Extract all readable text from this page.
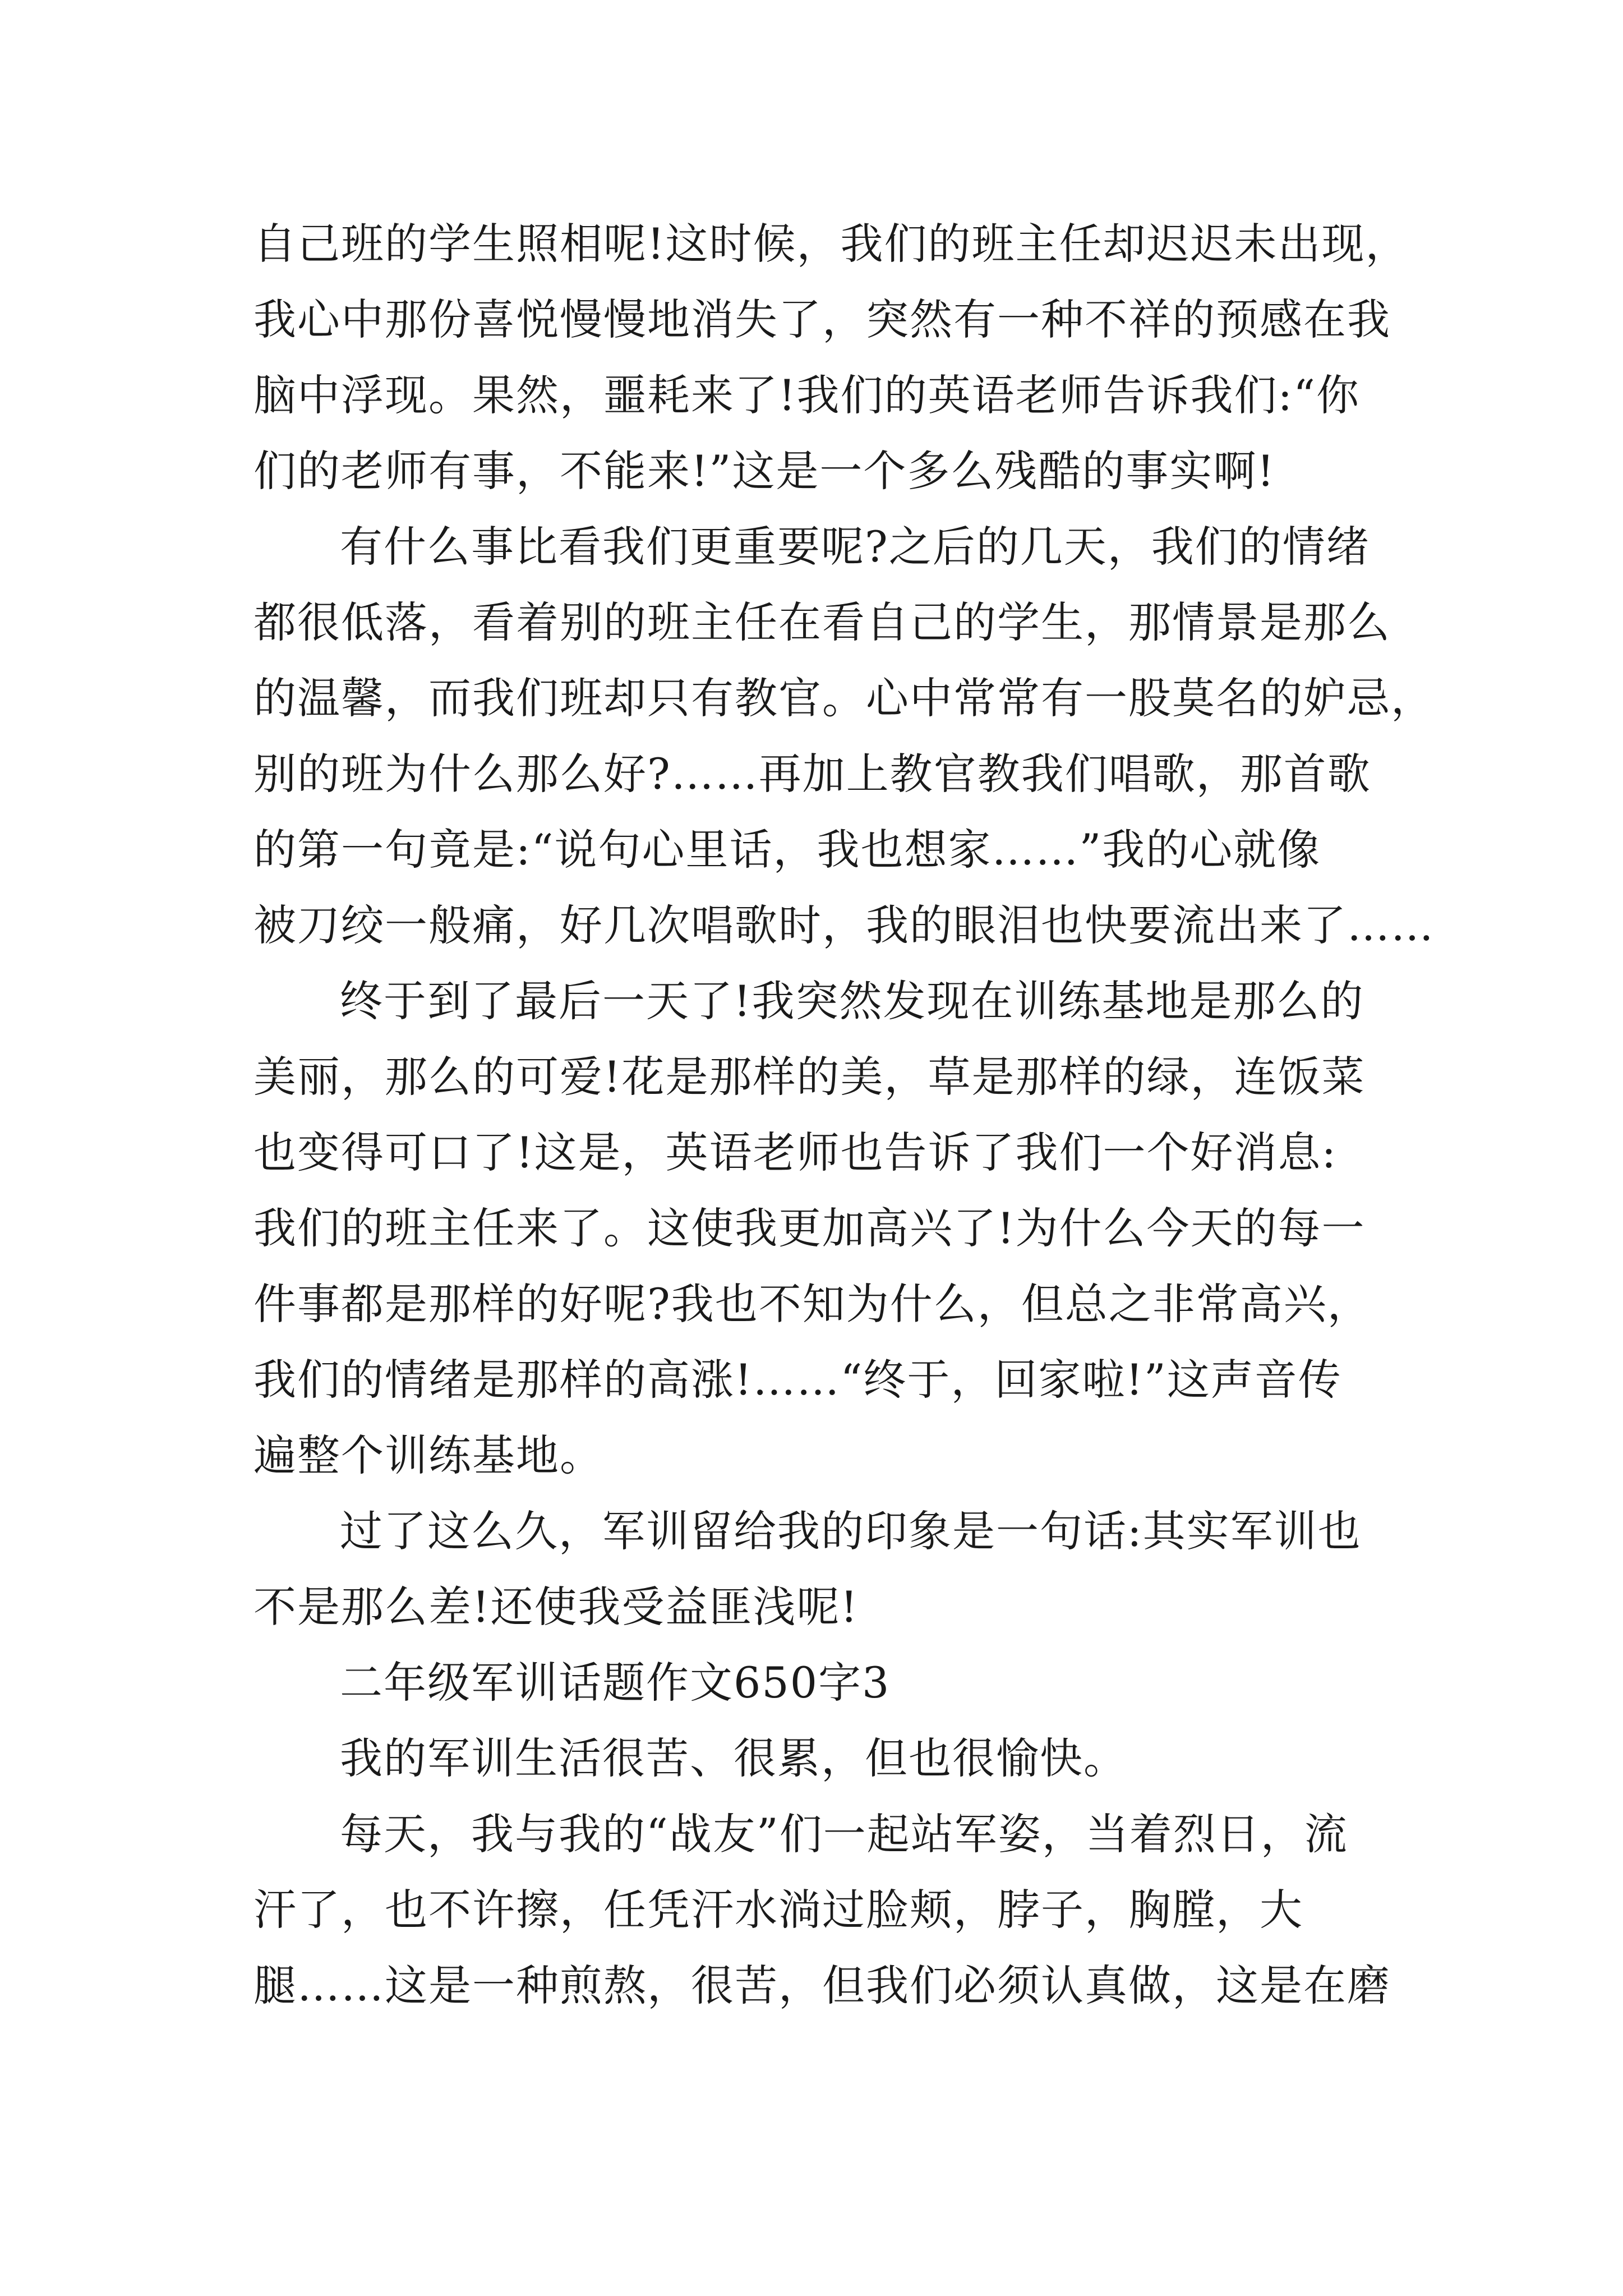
自己班的学生照相呢!这时候，我们的班主任却迟迟未出现，
我心中那份喜悦慢慢地消失了，突然有一种不祥的预感在我
脑中浮现。果然，噩耗来了!我们的英语老师告诉我们:“你
们的老师有事，不能来!”这是一个多么残酷的事实啊!
有什么事比看我们更重要呢?之后的几天，我们的情绪
都很低落，看着别的班主任在看自己的学生，那情景是那么
的温馨，而我们班却只有教官。心中常常有一股莫名的妒忌，
别的班为什么那么好?……再加上教官教我们唱歌，那首歌
的第一句竟是:“说句心里话，我也想家……”我的心就像
被刀绞一般痛，好几次唱歌时，我的眼泪也快要流出来了……
终于到了最后一天了!我突然发现在训练基地是那么的
美丽，那么的可爱!花是那样的美，草是那样的绿，连饭菜
也变得可口了!这是，英语老师也告诉了我们一个好消息:
我们的班主任来了。这使我更加高兴了!为什么今天的每一
件事都是那样的好呢?我也不知为什么，但总之非常高兴，
我们的情绪是那样的高涨!……“终于，回家啦!”这声音传
遍整个训练基地。
过了这么久，军训留给我的印象是一句话:其实军训也
不是那么差!还使我受益匪浅呢!
二年级军训话题作文650字3
我的军训生活很苦、很累，但也很愉快。
每天，我与我的“战友”们一起站军姿，当着烈日，流
汗了，也不许擦，任凭汗水淌过脸颊，脖子，胸膛，大
腿……这是一种煎熬，很苦，但我们必须认真做，这是在磨
